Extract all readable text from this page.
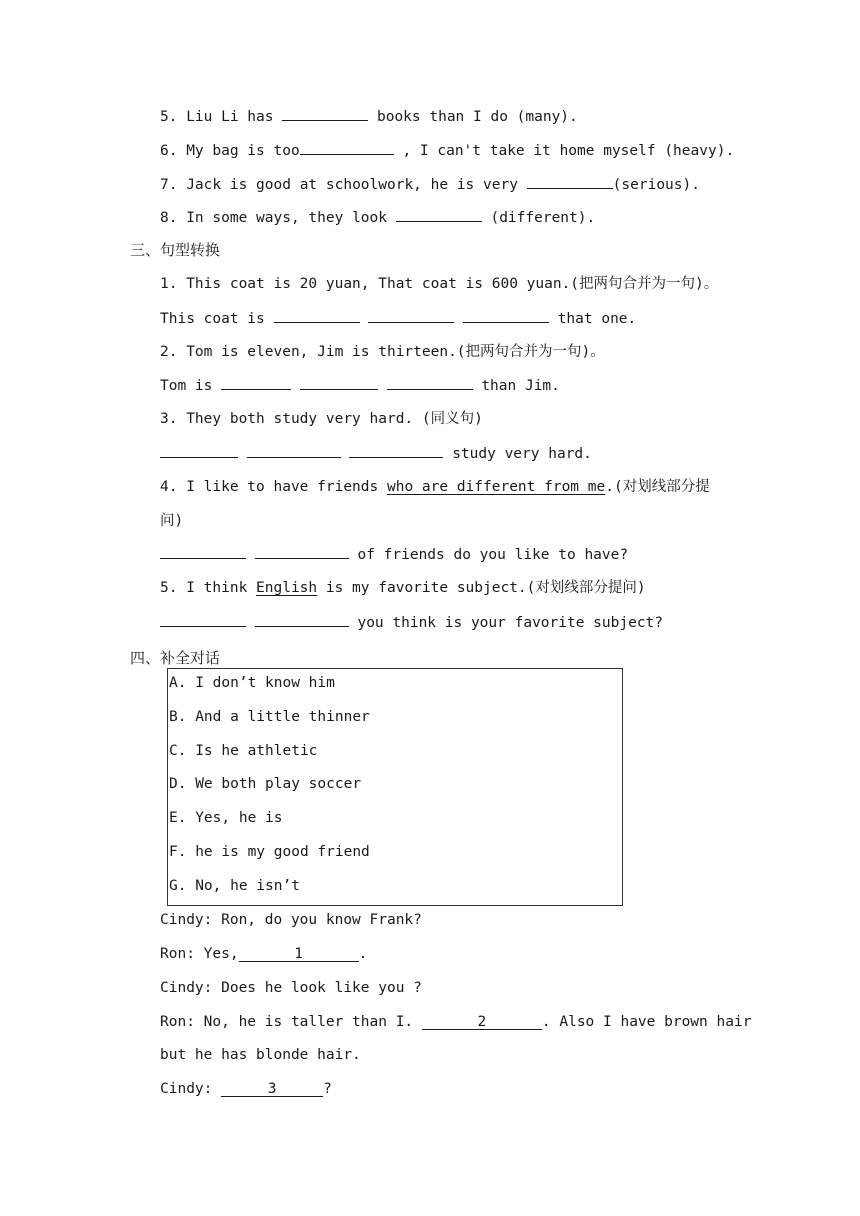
5. Liu Li has	books than I do (many).
6. My bag is too	, I can't take it home myself (heavy).
7. Jack is good at schoolwork, he is very	(serious).
8. In some ways, they look	(different).
三、句型转换
1. This coat is 20 yuan, That coat is 600 yuan.(把两句合并为一句)。
This coat is	that one.
2. Tom is eleven, Jim is thirteen.(把两句合并为一句)。
Tom is	than Jim.
3. They both study very hard. (同义句)
study very hard.
4. I like to have friends who are different from me.(对划线部分提
问)
of friends do you like to have?
5. I think English is my favorite subject.(对划线部分提问)
you think is your favorite subject?
四、补全对话
A. I don’t know him
B. And a little thinner
C. Is he athletic
D. We both play soccer
E. Yes, he is
F. he is my good friend
G. No, he isn’t
Cindy: Ron, do you know Frank?
Ron: Yes,	1	.
Cindy: Does he look like you ?
Ron: No, he is taller than I.	2	. Also I have brown hair
but he has blonde hair.
Cindy:	3	?
